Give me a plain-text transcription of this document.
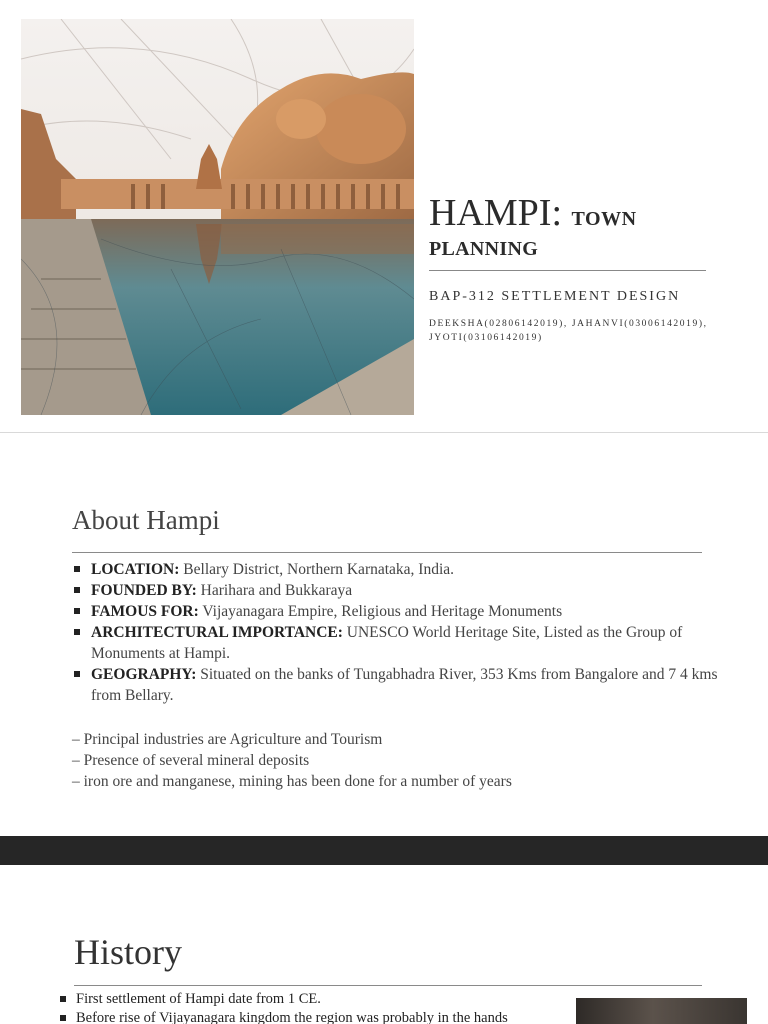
HAMPI: TOWN
PLANNING
BAP-312 SETTLEMENT DESIGN
DEEKSHA(02806142019), JAHANVI(03006142019), JYOTI(03106142019)
About Hampi
LOCATION: Bellary District, Northern Karnataka, India.
FOUNDED BY: Harihara and Bukkaraya
FAMOUS FOR: Vijayanagara Empire, Religious and Heritage Monuments
ARCHITECTURAL IMPORTANCE: UNESCO World Heritage Site, Listed as the Group of Monuments at Hampi.
GEOGRAPHY: Situated on the banks of Tungabhadra River, 353 Kms from Bangalore and 7 4 kms from Bellary.
– Principal industries are Agriculture and Tourism
– Presence of several mineral deposits
– iron ore and manganese, mining has been done for a number of years
History
First settlement of Hampi date from 1 CE.
Before rise of Vijayanagara kingdom the region was probably in the hands
